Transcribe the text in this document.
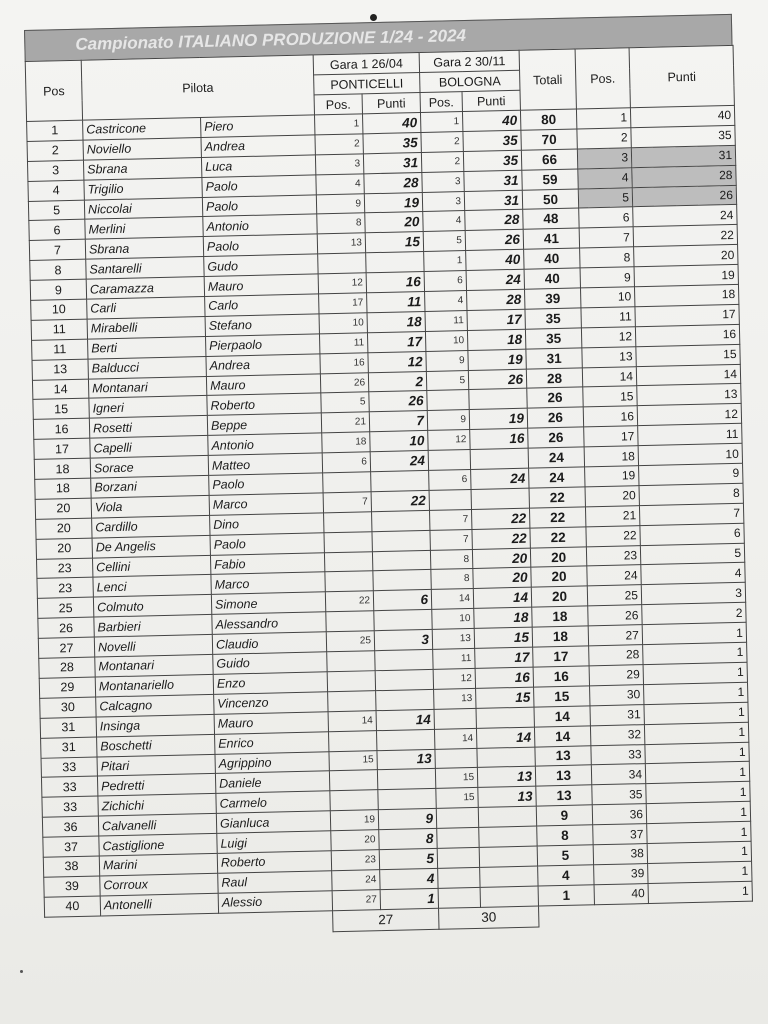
Campionato ITALIANO PRODUZIONE 1/24 - 2024
Pos	Pilota		Gara 1 26/04		Gara 2 30/11		Totali	Pos.	Punti
			PONTICELLI		BOLOGNA				
			Pos.	Punti	Pos.	Punti			
1	Castricone	Piero	1	40	1	40	80	1	40
2	Noviello	Andrea	2	35	2	35	70	2	35
3	Sbrana	Luca	3	31	2	35	66	3	31
4	Trigilio	Paolo	4	28	3	31	59	4	28
5	Niccolai	Paolo	9	19	3	31	50	5	26
6	Merlini	Antonio	8	20	4	28	48	6	24
7	Sbrana	Paolo	13	15	5	26	41	7	22
8	Santarelli	Gudo			1	40	40	8	20
9	Caramazza	Mauro	12	16	6	24	40	9	19
10	Carli	Carlo	17	11	4	28	39	10	18
11	Mirabelli	Stefano	10	18	11	17	35	11	17
11	Berti	Pierpaolo	11	17	10	18	35	12	16
13	Balducci	Andrea	16	12	9	19	31	13	15
14	Montanari	Mauro	26	2	5	26	28	14	14
15	Igneri	Roberto	5	26			26	15	13
16	Rosetti	Beppe	21	7	9	19	26	16	12
17	Capelli	Antonio	18	10	12	16	26	17	11
18	Sorace	Matteo	6	24			24	18	10
18	Borzani	Paolo			6	24	24	19	9
20	Viola	Marco	7	22			22	20	8
20	Cardillo	Dino			7	22	22	21	7
20	De Angelis	Paolo			7	22	22	22	6
23	Cellini	Fabio			8	20	20	23	5
23	Lenci	Marco			8	20	20	24	4
25	Colmuto	Simone	22	6	14	14	20	25	3
26	Barbieri	Alessandro			10	18	18	26	2
27	Novelli	Claudio	25	3	13	15	18	27	1
28	Montanari	Guido			11	17	17	28	1
29	Montanariello	Enzo			12	16	16	29	1
30	Calcagno	Vincenzo			13	15	15	30	1
31	Insinga	Mauro	14	14			14	31	1
31	Boschetti	Enrico			14	14	14	32	1
33	Pitari	Agrippino	15	13			13	33	1
33	Pedretti	Daniele			15	13	13	34	1
33	Zichichi	Carmelo			15	13	13	35	1
36	Calvanelli	Gianluca	19	9			9	36	1
37	Castiglione	Luigi	20	8			8	37	1
38	Marini	Roberto	23	5			5	38	1
39	Corroux	Raul	24	4			4	39	1
40	Antonelli	Alessio	27	1			1	40	1
			27		30				
